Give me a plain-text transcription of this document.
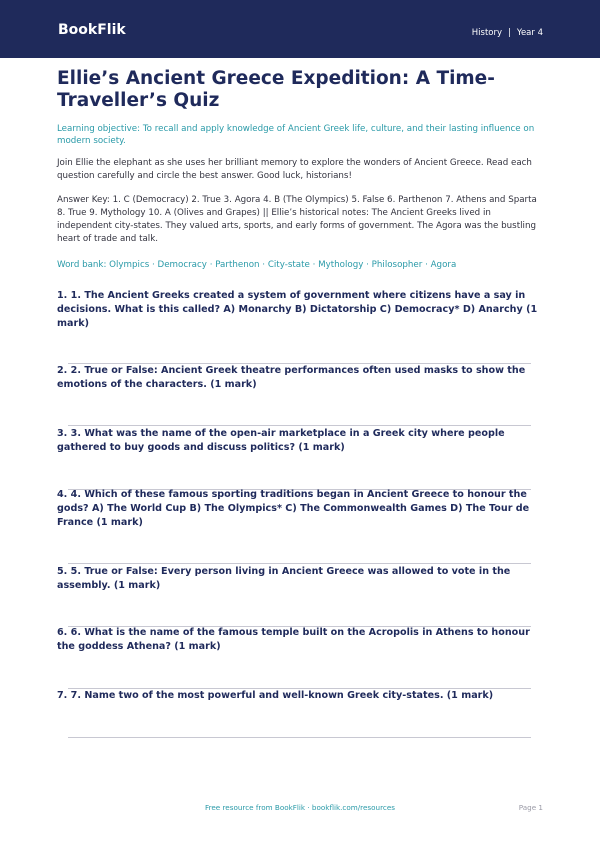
BookFlik	History | Year 4
Ellie’s Ancient Greece Expedition: A Time-Traveller’s Quiz

Learning objective: To recall and apply knowledge of Ancient Greek life, culture, and their lasting influence on modern society.

Join Ellie the elephant as she uses her brilliant memory to explore the wonders of Ancient Greece. Read each question carefully and circle the best answer. Good luck, historians!

Answer Key: 1. C (Democracy) 2. True 3. Agora 4. B (The Olympics) 5. False 6. Parthenon 7. Athens and Sparta 8. True 9. Mythology 10. A (Olives and Grapes) || Ellie’s historical notes: The Ancient Greeks lived in independent city-states. They valued arts, sports, and early forms of government. The Agora was the bustling heart of trade and talk.

Word bank: Olympics · Democracy · Parthenon · City-state · Mythology · Philosopher · Agora

1. 1. The Ancient Greeks created a system of government where citizens have a say in decisions. What is this called? A) Monarchy B) Dictatorship C) Democracy* D) Anarchy (1 mark)

2. 2. True or False: Ancient Greek theatre performances often used masks to show the emotions of the characters. (1 mark)

3. 3. What was the name of the open-air marketplace in a Greek city where people gathered to buy goods and discuss politics? (1 mark)

4. 4. Which of these famous sporting traditions began in Ancient Greece to honour the gods? A) The World Cup B) The Olympics* C) The Commonwealth Games D) The Tour de France (1 mark)

5. 5. True or False: Every person living in Ancient Greece was allowed to vote in the assembly. (1 mark)

6. 6. What is the name of the famous temple built on the Acropolis in Athens to honour the goddess Athena? (1 mark)

7. 7. Name two of the most powerful and well-known Greek city-states. (1 mark)

Free resource from BookFlik · bookflik.com/resources	Page 1
